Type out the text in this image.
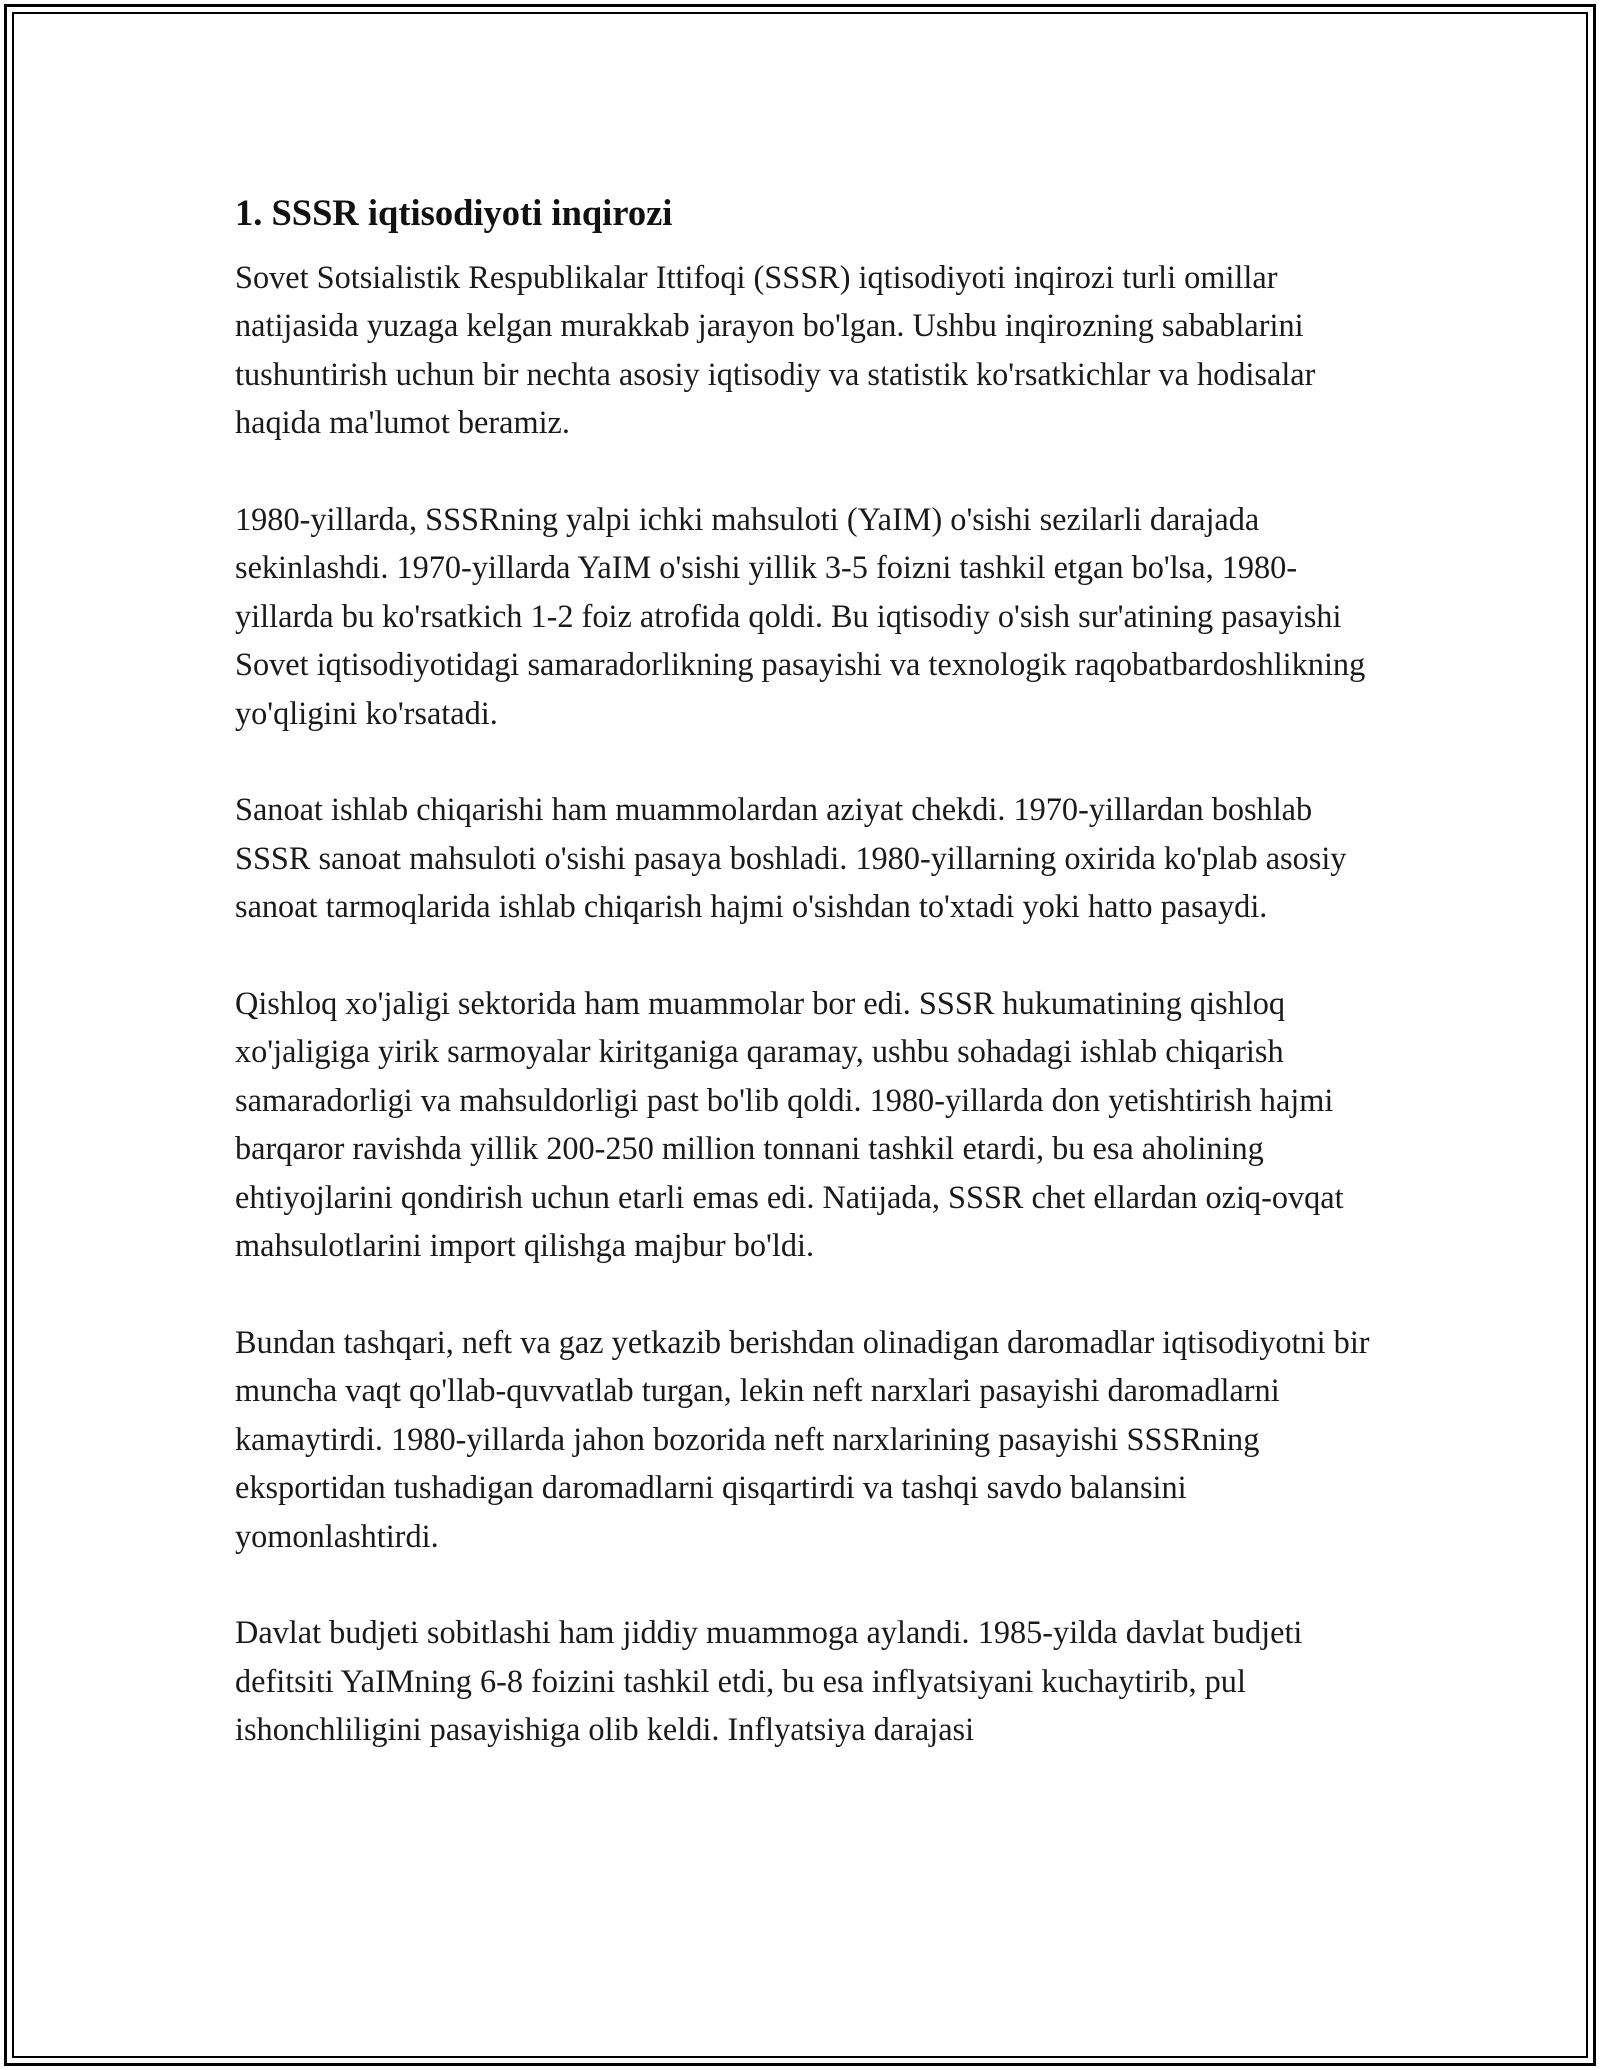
1. SSSR iqtisodiyoti inqirozi

Sovet Sotsialistik Respublikalar Ittifoqi (SSSR) iqtisodiyoti inqirozi turli omillar natijasida yuzaga kelgan murakkab jarayon bo'lgan. Ushbu inqirozning sabablarini tushuntirish uchun bir nechta asosiy iqtisodiy va statistik ko'rsatkichlar va hodisalar haqida ma'lumot beramiz.

1980-yillarda, SSSRning yalpi ichki mahsuloti (YaIM) o'sishi sezilarli darajada sekinlashdi. 1970-yillarda YaIM o'sishi yillik 3-5 foizni tashkil etgan bo'lsa, 1980-yillarda bu ko'rsatkich 1-2 foiz atrofida qoldi. Bu iqtisodiy o'sish sur'atining pasayishi Sovet iqtisodiyotidagi samaradorlikning pasayishi va texnologik raqobatbardoshlikning yo'qligini ko'rsatadi.

Sanoat ishlab chiqarishi ham muammolardan aziyat chekdi. 1970-yillardan boshlab SSSR sanoat mahsuloti o'sishi pasaya boshladi. 1980-yillarning oxirida ko'plab asosiy sanoat tarmoqlarida ishlab chiqarish hajmi o'sishdan to'xtadi yoki hatto pasaydi.

Qishloq xo'jaligi sektorida ham muammolar bor edi. SSSR hukumatining qishloq xo'jaligiga yirik sarmoyalar kiritganiga qaramay, ushbu sohadagi ishlab chiqarish samaradorligi va mahsuldorligi past bo'lib qoldi. 1980-yillarda don yetishtirish hajmi barqaror ravishda yillik 200-250 million tonnani tashkil etardi, bu esa aholining ehtiyojlarini qondirish uchun etarli emas edi. Natijada, SSSR chet ellardan oziq-ovqat mahsulotlarini import qilishga majbur bo'ldi.

Bundan tashqari, neft va gaz yetkazib berishdan olinadigan daromadlar iqtisodiyotni bir muncha vaqt qo'llab-quvvatlab turgan, lekin neft narxlari pasayishi daromadlarni kamaytirdi. 1980-yillarda jahon bozorida neft narxlarining pasayishi SSSRning eksportidan tushadigan daromadlarni qisqartirdi va tashqi savdo balansini yomonlashtirdi.

Davlat budjeti sobitlashi ham jiddiy muammoga aylandi. 1985-yilda davlat budjeti defitsiti YaIMning 6-8 foizini tashkil etdi, bu esa inflyatsiyani kuchaytirib, pul ishonchliligini pasayishiga olib keldi. Inflyatsiya darajasi
